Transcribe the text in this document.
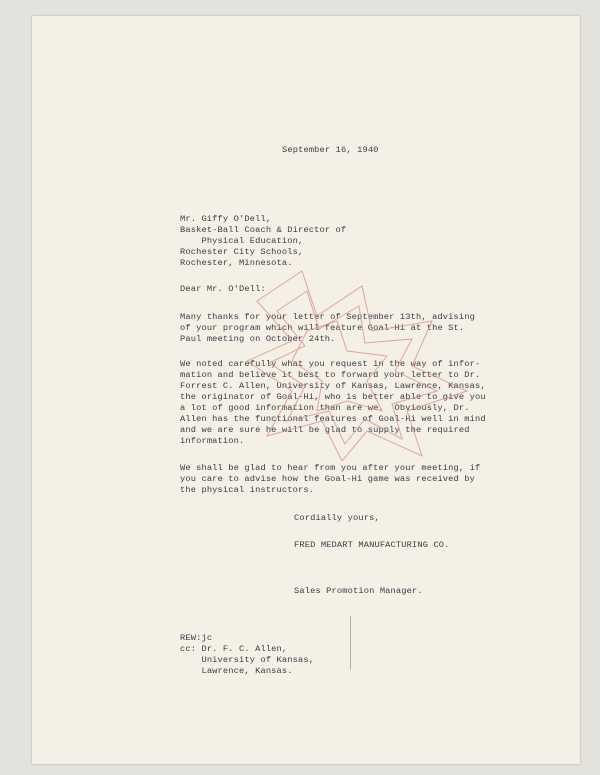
September 16, 1940

Mr. Giffy O'Dell,

Basket-Ball Coach & Director of

Physical Education,

Rochester City Schools,

Rochester, Minnesota.

Dear Mr. O'Dell:

Many thanks for your letter of September 13th, advising

of your program which will feature Goal-Hi at the St.

Paul meeting on October 24th.

We noted carefully what you request in the way of infor-

mation and believe it best to forward your letter to Dr.

Forrest C. Allen, University of Kansas, Lawrence, Kansas,

the originator of Goal-Hi, who is better able to give you

a lot of good information than are we.  Obviously, Dr.

Allen has the functional features of Goal-Hi well in mind

and we are sure he will be glad to supply the required

information.

We shall be glad to hear from you after your meeting, if

you care to advise how the Goal-Hi game was received by

the physical instructors.

Cordially yours,

FRED MEDART MANUFACTURING CO.

Sales Promotion Manager.

REW:jc

cc: Dr. F. C. Allen,

University of Kansas,

Lawrence, Kansas.
